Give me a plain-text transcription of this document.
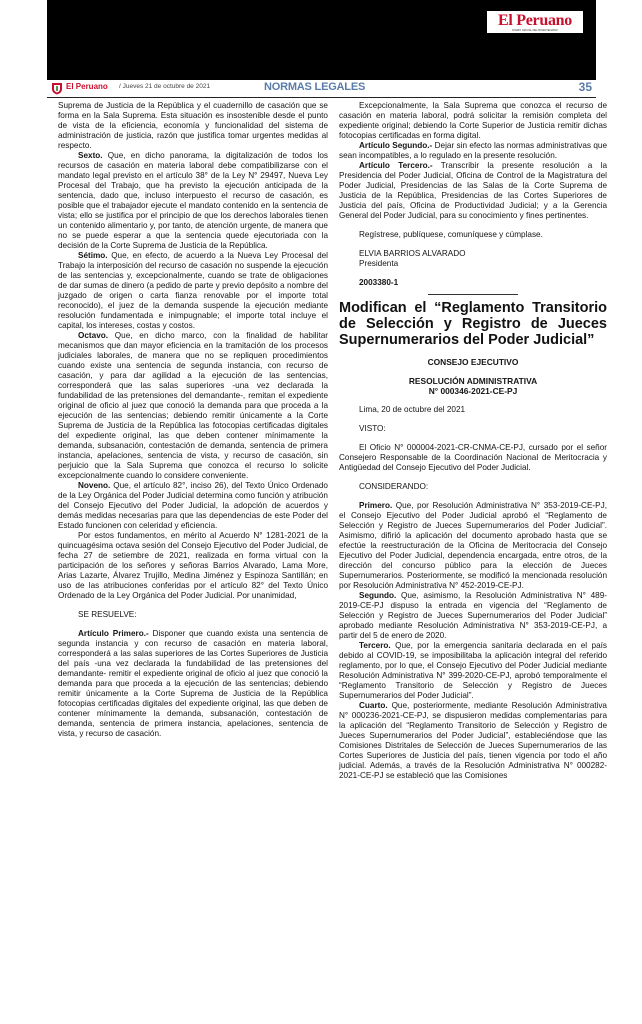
El Peruano
DIARIO OFICIAL DEL BICENTENARIO
El Peruano / Jueves 21 de octubre de 2021	NORMAS LEGALES	35

Suprema de Justicia de la República y el cuadernillo de casación que se forma en la Sala Suprema. Esta situación es insostenible desde el punto de vista de la eficiencia, economía y funcionalidad del sistema de administración de justicia, razón que justifica tomar urgentes medidas al respecto.

Sexto. Que, en dicho panorama, la digitalización de todos los recursos de casación en materia laboral debe compatibilizarse con el mandato legal previsto en el artículo 38° de la Ley N° 29497, Nueva Ley Procesal del Trabajo, que ha previsto la ejecución anticipada de la sentencia, dado que, incluso interpuesto el recurso de casación, es posible que el trabajador ejecute el mandato contenido en la sentencia de vista; ello se justifica por el principio de que los derechos laborales tienen un contenido alimentario y, por tanto, de atención urgente, de manera que no se puede esperar a que la sentencia quede ejecutoriada con la decisión de la Corte Suprema de Justicia de la República.

Sétimo. Que, en efecto, de acuerdo a la Nueva Ley Procesal del Trabajo la interposición del recurso de casación no suspende la ejecución de las sentencias y, excepcionalmente, cuando se trate de obligaciones de dar sumas de dinero (a pedido de parte y previo depósito a nombre del juzgado de origen o carta fianza renovable por el importe total reconocido), el juez de la demanda suspende la ejecución mediante resolución fundamentada e inimpugnable; el importe total incluye el capital, los intereses, costas y costos.

Octavo. Que, en dicho marco, con la finalidad de habilitar mecanismos que dan mayor eficiencia en la tramitación de los procesos judiciales laborales, de manera que no se repliquen procedimientos cuando existe una sentencia de segunda instancia, con recurso de casación, y para dar agilidad a la ejecución de las sentencias, corresponderá que las salas superiores -una vez declarada la fundabilidad de las pretensiones del demandante-, remitan el expediente original de oficio al juez que conoció la demanda para que proceda a la ejecución de las sentencias; debiendo remitir únicamente a la Corte Suprema de Justicia de la República las fotocopias certificadas digitales del expediente original, las que deben contener mínimamente la demanda, subsanación, contestación de demanda, sentencia de primera instancia, apelaciones, sentencia de vista, y recurso de casación, sin perjuicio que la Sala Suprema que conozca el recurso lo solicite excepcionalmente cuando lo considere conveniente.

Noveno. Que, el artículo 82°, inciso 26), del Texto Único Ordenado de la Ley Orgánica del Poder Judicial determina como función y atribución del Consejo Ejecutivo del Poder Judicial, la adopción de acuerdos y demás medidas necesarias para que las dependencias de este Poder del Estado funcionen con celeridad y eficiencia.

Por estos fundamentos, en mérito al Acuerdo N° 1281-2021 de la quincuagésima octava sesión del Consejo Ejecutivo del Poder Judicial, de fecha 27 de setiembre de 2021, realizada en forma virtual con la participación de los señores y señoras Barrios Alvarado, Lama More, Arias Lazarte, Álvarez Trujillo, Medina Jiménez y Espinoza Santillán; en uso de las atribuciones conferidas por el artículo 82° del Texto Único Ordenado de la Ley Orgánica del Poder Judicial. Por unanimidad,

SE RESUELVE:

Artículo Primero.- Disponer que cuando exista una sentencia de segunda instancia y con recurso de casación en materia laboral, corresponderá a las salas superiores de las Cortes Superiores de Justicia del país -una vez declarada la fundabilidad de las pretensiones del demandante- remitir el expediente original de oficio al juez que conoció la demanda para que proceda a la ejecución de las sentencias; debiendo remitir únicamente a la Corte Suprema de Justicia de la República fotocopias certificadas digitales del expediente original, las que deben de contener mínimamente la demanda, subsanación, contestación de demanda, sentencia de primera instancia, apelaciones, sentencia de vista, y recurso de casación.

Excepcionalmente, la Sala Suprema que conozca el recurso de casación en materia laboral, podrá solicitar la remisión completa del expediente original; debiendo la Corte Superior de Justicia remitir dichas fotocopias certificadas en forma digital.

Artículo Segundo.- Dejar sin efecto las normas administrativas que sean incompatibles, a lo regulado en la presente resolución.

Artículo Tercero.- Transcribir la presente resolución a la Presidencia del Poder Judicial, Oficina de Control de la Magistratura del Poder Judicial, Presidencias de las Salas de la Corte Suprema de Justicia de la República, Presidencias de las Cortes Superiores de Justicia del país, Oficina de Productividad Judicial; y a la Gerencia General del Poder Judicial, para su conocimiento y fines pertinentes.

Regístrese, publíquese, comuníquese y cúmplase.

ELVIA BARRIOS ALVARADO

Presidenta

2003380-1

Modifican el “Reglamento Transitorio de Selección y Registro de Jueces Supernumerarios del Poder Judicial”

CONSEJO EJECUTIVO

RESOLUCIÓN ADMINISTRATIVA

N° 000346-2021-CE-PJ

Lima, 20 de octubre del 2021

VISTO:

El Oficio N° 000004-2021-CR-CNMA-CE-PJ, cursado por el señor Consejero Responsable de la Coordinación Nacional de Meritocracia y Antigüedad del Consejo Ejecutivo del Poder Judicial.

CONSIDERANDO:

Primero. Que, por Resolución Administrativa N° 353-2019-CE-PJ, el Consejo Ejecutivo del Poder Judicial aprobó el “Reglamento de Selección y Registro de Jueces Supernumerarios del Poder Judicial”. Asimismo, difirió la aplicación del documento aprobado hasta que se efectúe la reestructuración de la Oficina de Meritocracia del Consejo Ejecutivo del Poder Judicial, dependencia encargada, entre otros, de la dirección del concurso público para la elección de Jueces Supernumerarios. Posteriormente, se modificó la mencionada resolución por Resolución Administrativa N° 452-2019-CE-PJ.

Segundo. Que, asimismo, la Resolución Administrativa N° 489-2019-CE-PJ dispuso la entrada en vigencia del “Reglamento de Selección y Registro de Jueces Supernumerarios del Poder Judicial” aprobado mediante Resolución Administrativa N° 353-2019-CE-PJ, a partir del 5 de enero de 2020.

Tercero. Que, por la emergencia sanitaria declarada en el país debido al COVID-19, se imposibilitaba la aplicación integral del referido reglamento, por lo que, el Consejo Ejecutivo del Poder Judicial mediante Resolución Administrativa N° 399-2020-CE-PJ, aprobó temporalmente el “Reglamento Transitorio de Selección y Registro de Jueces Supernumerarios del Poder Judicial”.

Cuarto. Que, posteriormente, mediante Resolución Administrativa N° 000236-2021-CE-PJ, se dispusieron medidas complementarias para la aplicación del “Reglamento Transitorio de Selección y Registro de Jueces Supernumerarios del Poder Judicial”, estableciéndose que las Comisiones Distritales de Selección de Jueces Supernumerarios de las Cortes Superiores de Justicia del país, tienen vigencia por todo el año judicial. Además, a través de la Resolución Administrativa N° 000282-2021-CE-PJ se estableció que las Comisiones
